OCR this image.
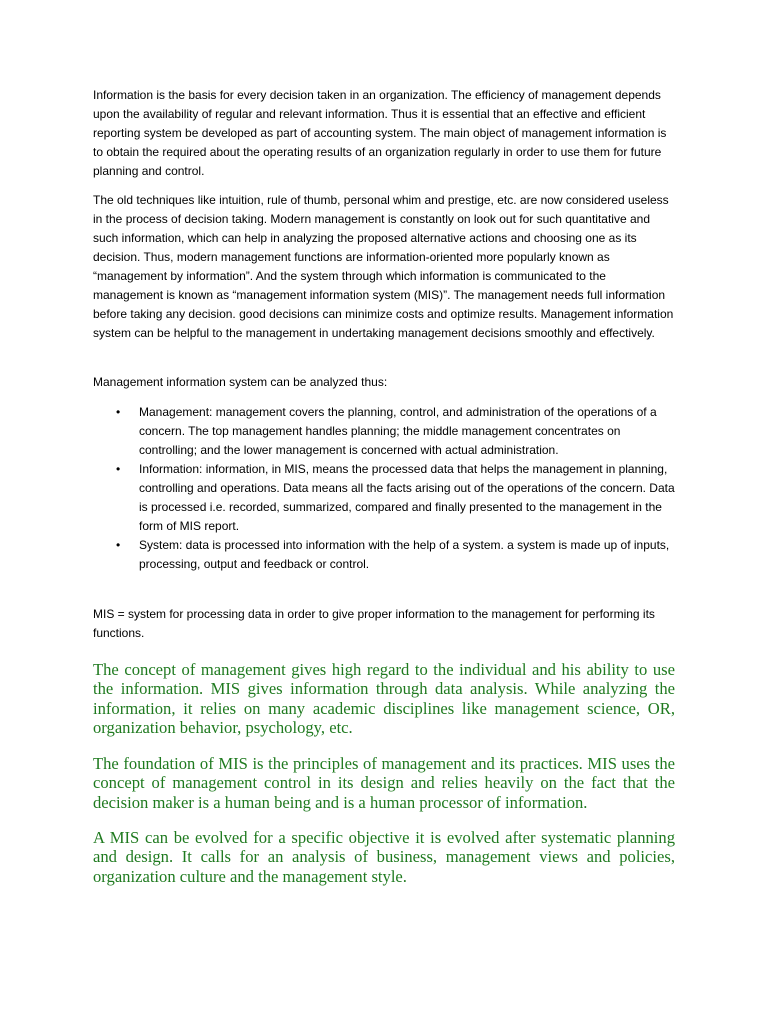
Information is the basis for every decision taken in an organization. The efficiency of management depends upon the availability of regular and relevant information. Thus it is essential that an effective and efficient reporting system be developed as part of accounting system. The main object of management information is to obtain the required about the operating results of an organization regularly in order to use them for future planning and control.

The old techniques like intuition, rule of thumb, personal whim and prestige, etc. are now considered useless in the process of decision taking. Modern management is constantly on look out for such quantitative and such information, which can help in analyzing the proposed alternative actions and choosing one as its decision. Thus, modern management functions are information-oriented more popularly known as “management by information”. And the system through which information is communicated to the management is known as “management information system (MIS)”. The management needs full information before taking any decision. good decisions can minimize costs and optimize results. Management information system can be helpful to the management in undertaking management decisions smoothly and effectively.

Management information system can be analyzed thus:

• Management: management covers the planning, control, and administration of the operations of a concern. The top management handles planning; the middle management concentrates on controlling; and the lower management is concerned with actual administration.
• Information: information, in MIS, means the processed data that helps the management in planning, controlling and operations. Data means all the facts arising out of the operations of the concern. Data is processed i.e. recorded, summarized, compared and finally presented to the management in the form of MIS report.
• System: data is processed into information with the help of a system. a system is made up of inputs, processing, output and feedback or control.

MIS = system for processing data in order to give proper information to the management for performing its functions.

The concept of management gives high regard to the individual and his ability to use the information. MIS gives information through data analysis. While analyzing the information, it relies on many academic disciplines like management science, OR, organization behavior, psychology, etc.

The foundation of MIS is the principles of management and its practices. MIS uses the concept of management control in its design and relies heavily on the fact that the decision maker is a human being and is a human processor of information.

A MIS can be evolved for a specific objective it is evolved after systematic planning and design. It calls for an analysis of business, management views and policies, organization culture and the management style.
